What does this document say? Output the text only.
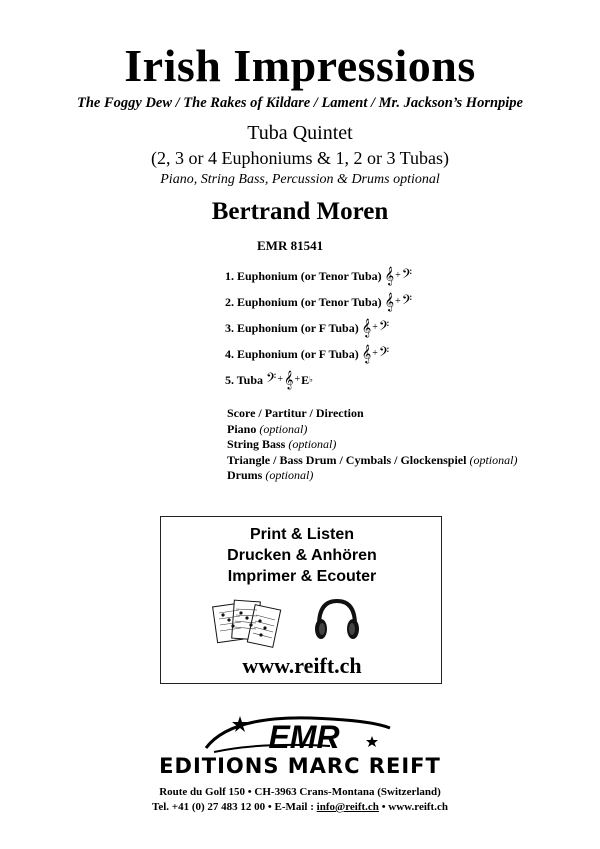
Irish Impressions
The Foggy Dew / The Rakes of Kildare / Lament / Mr. Jackson’s Hornpipe
Tuba Quintet
(2, 3 or 4 Euphoniums & 1, 2 or 3 Tubas)
Piano, String Bass, Percussion & Drums optional
Bertrand Moren
EMR 81541
1. Euphonium (or Tenor Tuba) 𝄞 + 𝄢
2. Euphonium (or Tenor Tuba) 𝄞 + 𝄢
3. Euphonium (or F Tuba) 𝄞 + 𝄢
4. Euphonium (or F Tuba) 𝄞 + 𝄢
5. Tuba 𝄢 + 𝄞 + E ♭
Score / Partitur / Direction
Piano (optional)
String Bass (optional)
Triangle / Bass Drum / Cymbals / Glockenspiel (optional)
Drums (optional)
Print & Listen
Drucken & Anhören
Imprimer & Ecouter
www.reift.ch
EMR
EDITIONS MARC REIFT
Route du Golf 150 • CH-3963 Crans-Montana (Switzerland)
Tel. +41 (0) 27 483 12 00 • E-Mail : info@reift.ch • www.reift.ch
